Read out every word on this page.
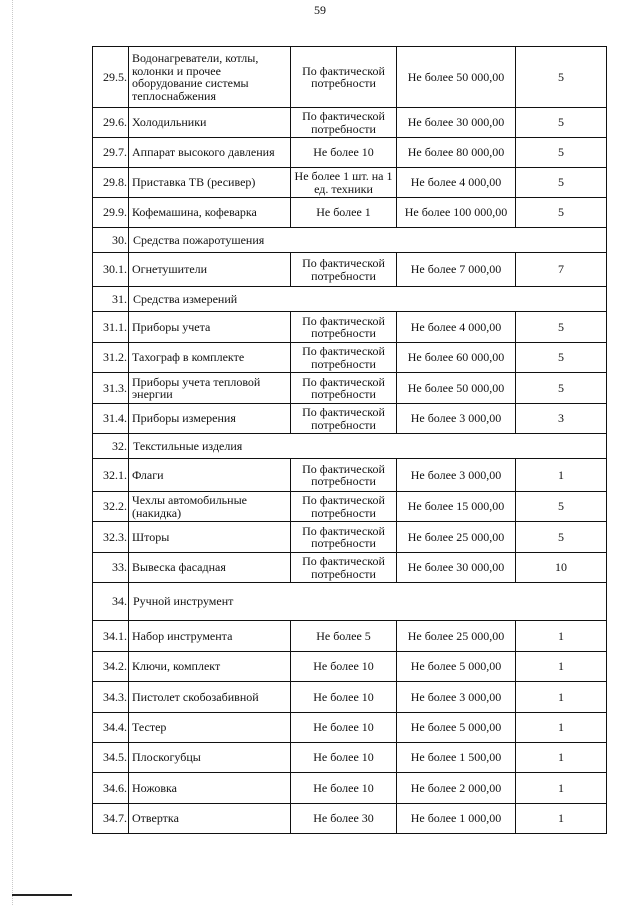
59
29.5.	Водонагреватели, котлы, колонки и прочее оборудование системы теплоснабжения	По фактической потребности	Не более 50 000,00	5
29.6.	Холодильники	По фактической потребности	Не более 30 000,00	5
29.7.	Аппарат высокого давления	Не более 10	Не более 80 000,00	5
29.8.	Приставка ТВ (ресивер)	Не более 1 шт. на 1 ед. техники	Не более 4 000,00	5
29.9.	Кофемашина, кофеварка	Не более 1	Не более 100 000,00	5
30.	Средства пожаротушения			
30.1.	Огнетушители	По фактической потребности	Не более 7 000,00	7
31.	Средства измерений			
31.1.	Приборы учета	По фактической потребности	Не более 4 000,00	5
31.2.	Тахограф в комплекте	По фактической потребности	Не более 60 000,00	5
31.3.	Приборы учета тепловой энергии	По фактической потребности	Не более 50 000,00	5
31.4.	Приборы измерения	По фактической потребности	Не более 3 000,00	3
32.	Текстильные изделия			
32.1.	Флаги	По фактической потребности	Не более 3 000,00	1
32.2.	Чехлы автомобильные (накидка)	По фактической потребности	Не более 15 000,00	5
32.3.	Шторы	По фактической потребности	Не более 25 000,00	5
33.	Вывеска фасадная	По фактической потребности	Не более 30 000,00	10
34.	Ручной инструмент			
34.1.	Набор инструмента	Не более 5	Не более 25 000,00	1
34.2.	Ключи, комплект	Не более 10	Не более 5 000,00	1
34.3.	Пистолет скобозабивной	Не более 10	Не более 3 000,00	1
34.4.	Тестер	Не более 10	Не более 5 000,00	1
34.5.	Плоскогубцы	Не более 10	Не более 1 500,00	1
34.6.	Ножовка	Не более 10	Не более 2 000,00	1
34.7.	Отвертка	Не более 30	Не более 1 000,00	1
